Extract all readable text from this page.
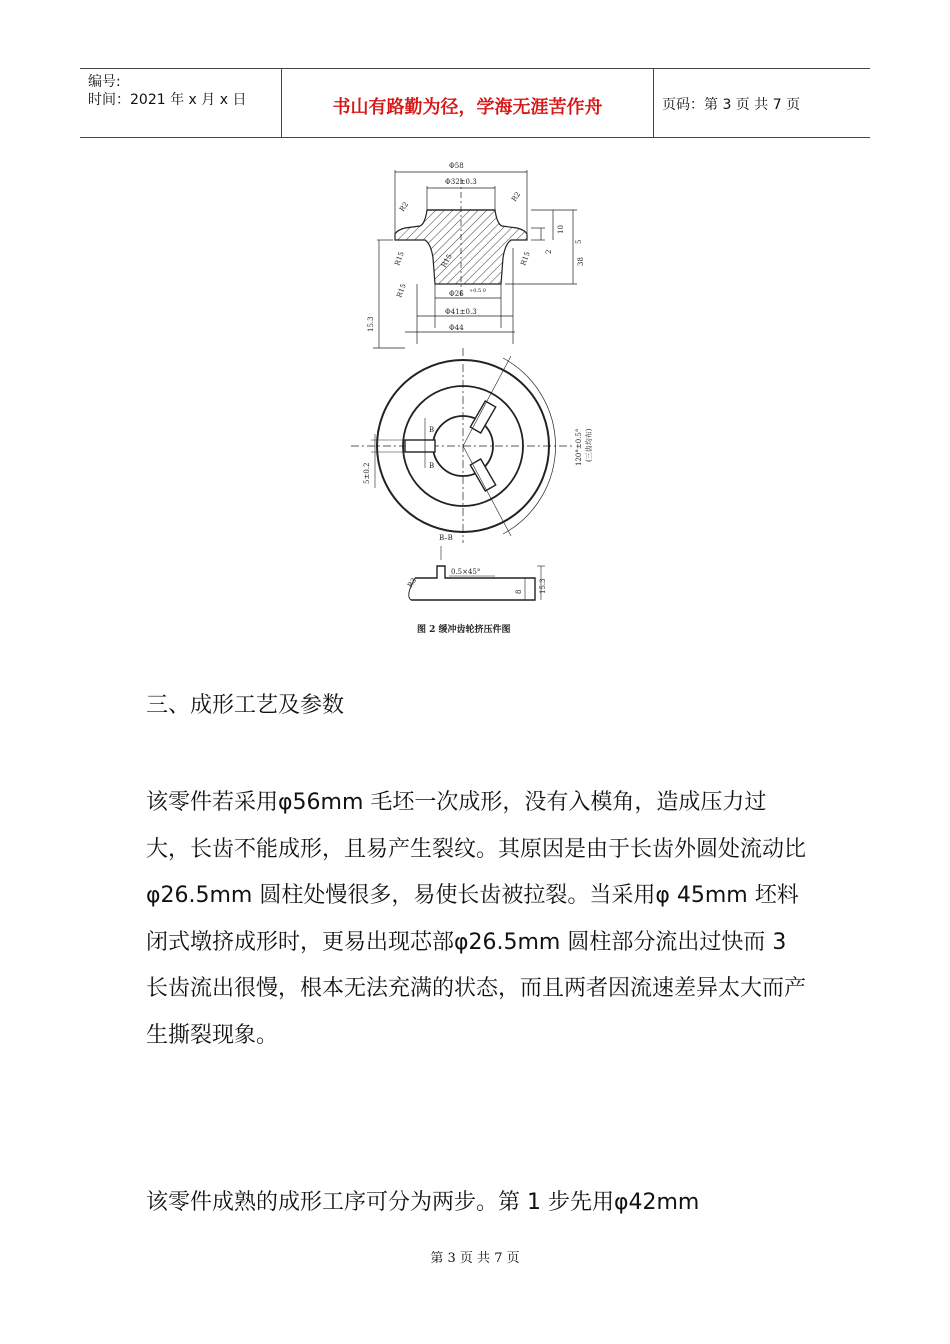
编号:
时间：2021 年 x 月 x 日	书山有路勤为径，学海无涯苦作舟	页码：第 3 页 共 7 页
Φ58
Φ32±0.3
Φ26 +0.5 0
Φ41±0.3
Φ44
R2
R2
R15	R15	R15
R15
10
5
2
38
15.3
120°±0.5° (三齿均布)
5±0.2
B
B
B–B
0.5×45°
R3	15.3
8
图 2 缓冲齿轮挤压件图
三、成形工艺及参数
该零件若采用φ56mm 毛坯一次成形，没有入模角，造成压力过大，长齿不能成形，且易产生裂纹。其原因是由于长齿外圆处流动比φ26.5mm 圆柱处慢很多，易使长齿被拉裂。当采用φ 45mm 坯料闭式墩挤成形时，更易出现芯部φ26.5mm 圆柱部分流出过快而 3 长齿流出很慢，根本无法充满的状态，而且两者因流速差异太大而产生撕裂现象。
该零件成熟的成形工序可分为两步。第 1 步先用φ42mm
第 3 页 共 7 页
